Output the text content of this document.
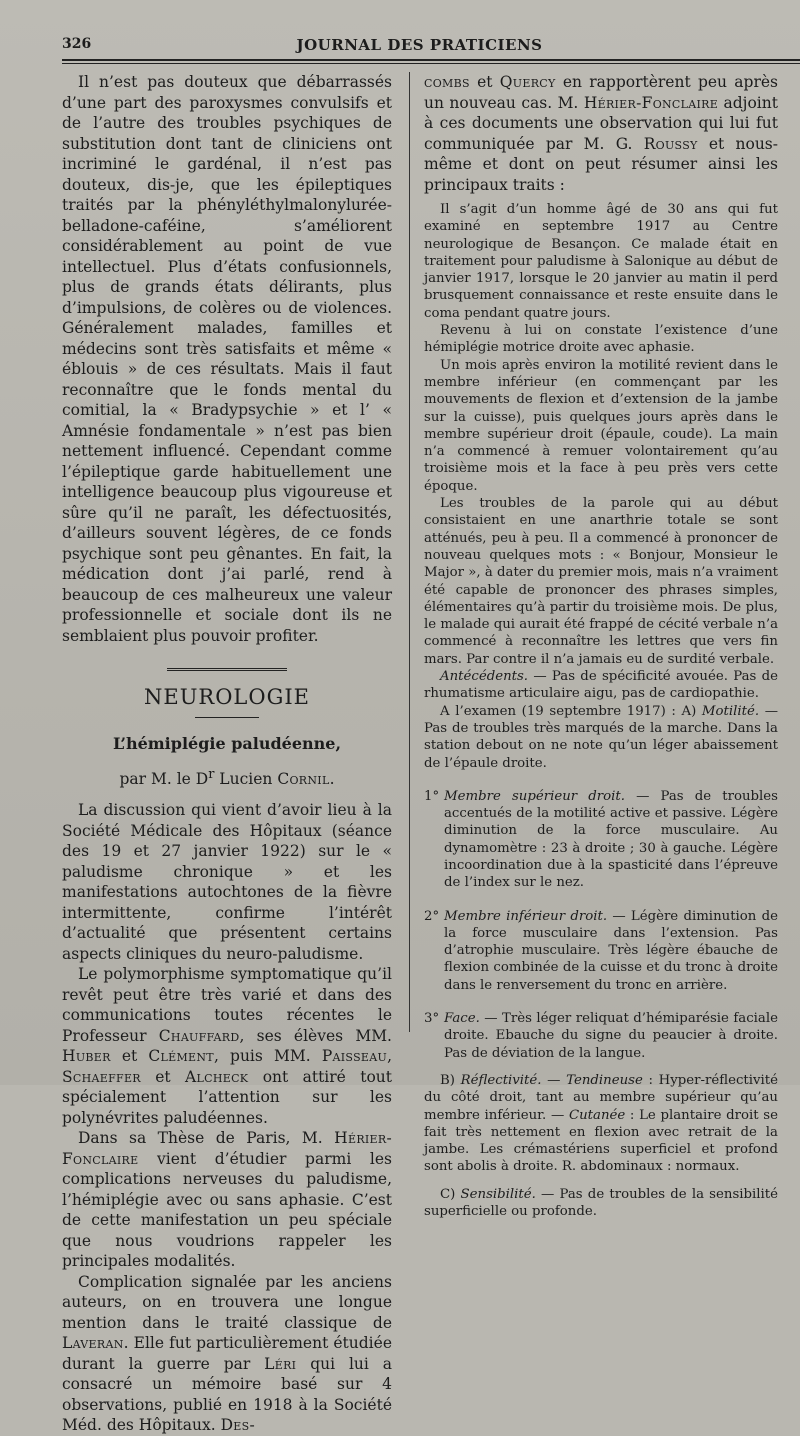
326	JOURNAL DES PRATICIENS

Il n’est pas douteux que débarrassés d’une part des paroxysmes convulsifs et de l’autre des troubles psychiques de substitution dont tant de cliniciens ont incriminé le gardénal, il n’est pas douteux, dis-je, que les épileptiques traités par la phényléthylmalonylurée-belladone-caféine, s’améliorent considérablement au point de vue intellectuel. Plus d’états confusionnels, plus de grands états délirants, plus d’impulsions, de colères ou de violences. Généralement malades, familles et médecins sont très satisfaits et même « éblouis » de ces résultats. Mais il faut reconnaître que le fonds mental du comitial, la « Bradypsychie » et l’ « Amnésie fondamentale » n’est pas bien nettement influencé. Cependant comme l’épileptique garde habituellement une intelligence beaucoup plus vigoureuse et sûre qu’il ne paraît, les défectuosités, d’ailleurs souvent légères, de ce fonds psychique sont peu gênantes. En fait, la médication dont j’ai parlé, rend à beaucoup de ces malheureux une valeur professionnelle et sociale dont ils ne semblaient plus pouvoir profiter.

NEUROLOGIE
L’hémiplégie paludéenne,
par M. le $D^r$ Lucien Cornil.

La discussion qui vient d’avoir lieu à la Société Médicale des Hôpitaux (séance des 19 et 27 janvier 1922) sur le « paludisme chronique » et les manifestations autochtones de la fièvre intermittente, confirme l’intérêt d’actualité que présentent certains aspects cliniques du neuro-paludisme.

Le polymorphisme symptomatique qu’il revêt peut être très varié et dans des communications toutes récentes le Professeur Chauffard, ses élèves MM. Huber et Clément, puis MM. Paisseau, Schaeffer et Alcheck ont attiré tout spécialement l’attention sur les polynévrites paludéennes.

Dans sa Thèse de Paris, M. Hérier-Fonclaire vient d’étudier parmi les complications nerveuses du paludisme, l’hémiplégie avec ou sans aphasie. C’est de cette manifestation un peu spéciale que nous voudrions rappeler les principales modalités.

Complication signalée par les anciens auteurs, on en trouvera une longue mention dans le traité classique de Laveran. Elle fut particulièrement étudiée durant la guerre par Léri qui lui a consacré un mémoire basé sur 4 observations, publié en 1918 à la Société Méd. des Hôpitaux. Des-

combs et Quercy en rapportèrent peu après un nouveau cas. M. Hérier-Fonclaire adjoint à ces documents une observation qui lui fut communiquée par M. G. Roussy et nous-même et dont on peut résumer ainsi les principaux traits :

Il s’agit d’un homme âgé de 30 ans qui fut examiné en septembre 1917 au Centre neurologique de Besançon. Ce malade était en traitement pour paludisme à Salonique au début de janvier 1917, lorsque le 20 janvier au matin il perd brusquement connaissance et reste ensuite dans le coma pendant quatre jours.

Revenu à lui on constate l’existence d’une hémiplégie motrice droite avec aphasie.

Un mois après environ la motilité revient dans le membre inférieur (en commençant par les mouvements de flexion et d’extension de la jambe sur la cuisse), puis quelques jours après dans le membre supérieur droit (épaule, coude). La main n’a commencé à remuer volontairement qu’au troisième mois et la face à peu près vers cette époque.

Les troubles de la parole qui au début consistaient en une anarthrie totale se sont atténués, peu à peu. Il a commencé à prononcer de nouveau quelques mots : « Bonjour, Monsieur le Major », à dater du premier mois, mais n’a vraiment été capable de prononcer des phrases simples, élémentaires qu’à partir du troisième mois. De plus, le malade qui aurait été frappé de cécité verbale n’a commencé à reconnaître les lettres que vers fin mars. Par contre il n’a jamais eu de surdité verbale.

Antécédents. — Pas de spécificité avouée. Pas de rhumatisme articulaire aigu, pas de cardiopathie.

A l’examen (19 septembre 1917) : A) Motilité. — Pas de troubles très marqués de la marche. Dans la station debout on ne note qu’un léger abaissement de l’épaule droite.

1° Membre supérieur droit. — Pas de troubles accentués de la motilité active et passive. Légère diminution de la force musculaire. Au dynamomètre : 23 à droite ; 30 à gauche. Légère incoordination due à la spasticité dans l’épreuve de l’index sur le nez.

2° Membre inférieur droit. — Légère diminution de la force musculaire dans l’extension. Pas d’atrophie musculaire. Très légère ébauche de flexion combinée de la cuisse et du tronc à droite dans le renversement du tronc en arrière.

3° Face. — Très léger reliquat d’hémiparésie faciale droite. Ebauche du signe du peaucier à droite. Pas de déviation de la langue.

B) Réflectivité. — Tendineuse : Hyper-réflectivité du côté droit, tant au membre supérieur qu’au membre inférieur. — Cutanée : Le plantaire droit se fait très nettement en flexion avec retrait de la jambe. Les crémastériens superficiel et profond sont abolis à droite. R. abdominaux : normaux.

C) Sensibilité. — Pas de troubles de la sensibilité superficielle ou profonde.
